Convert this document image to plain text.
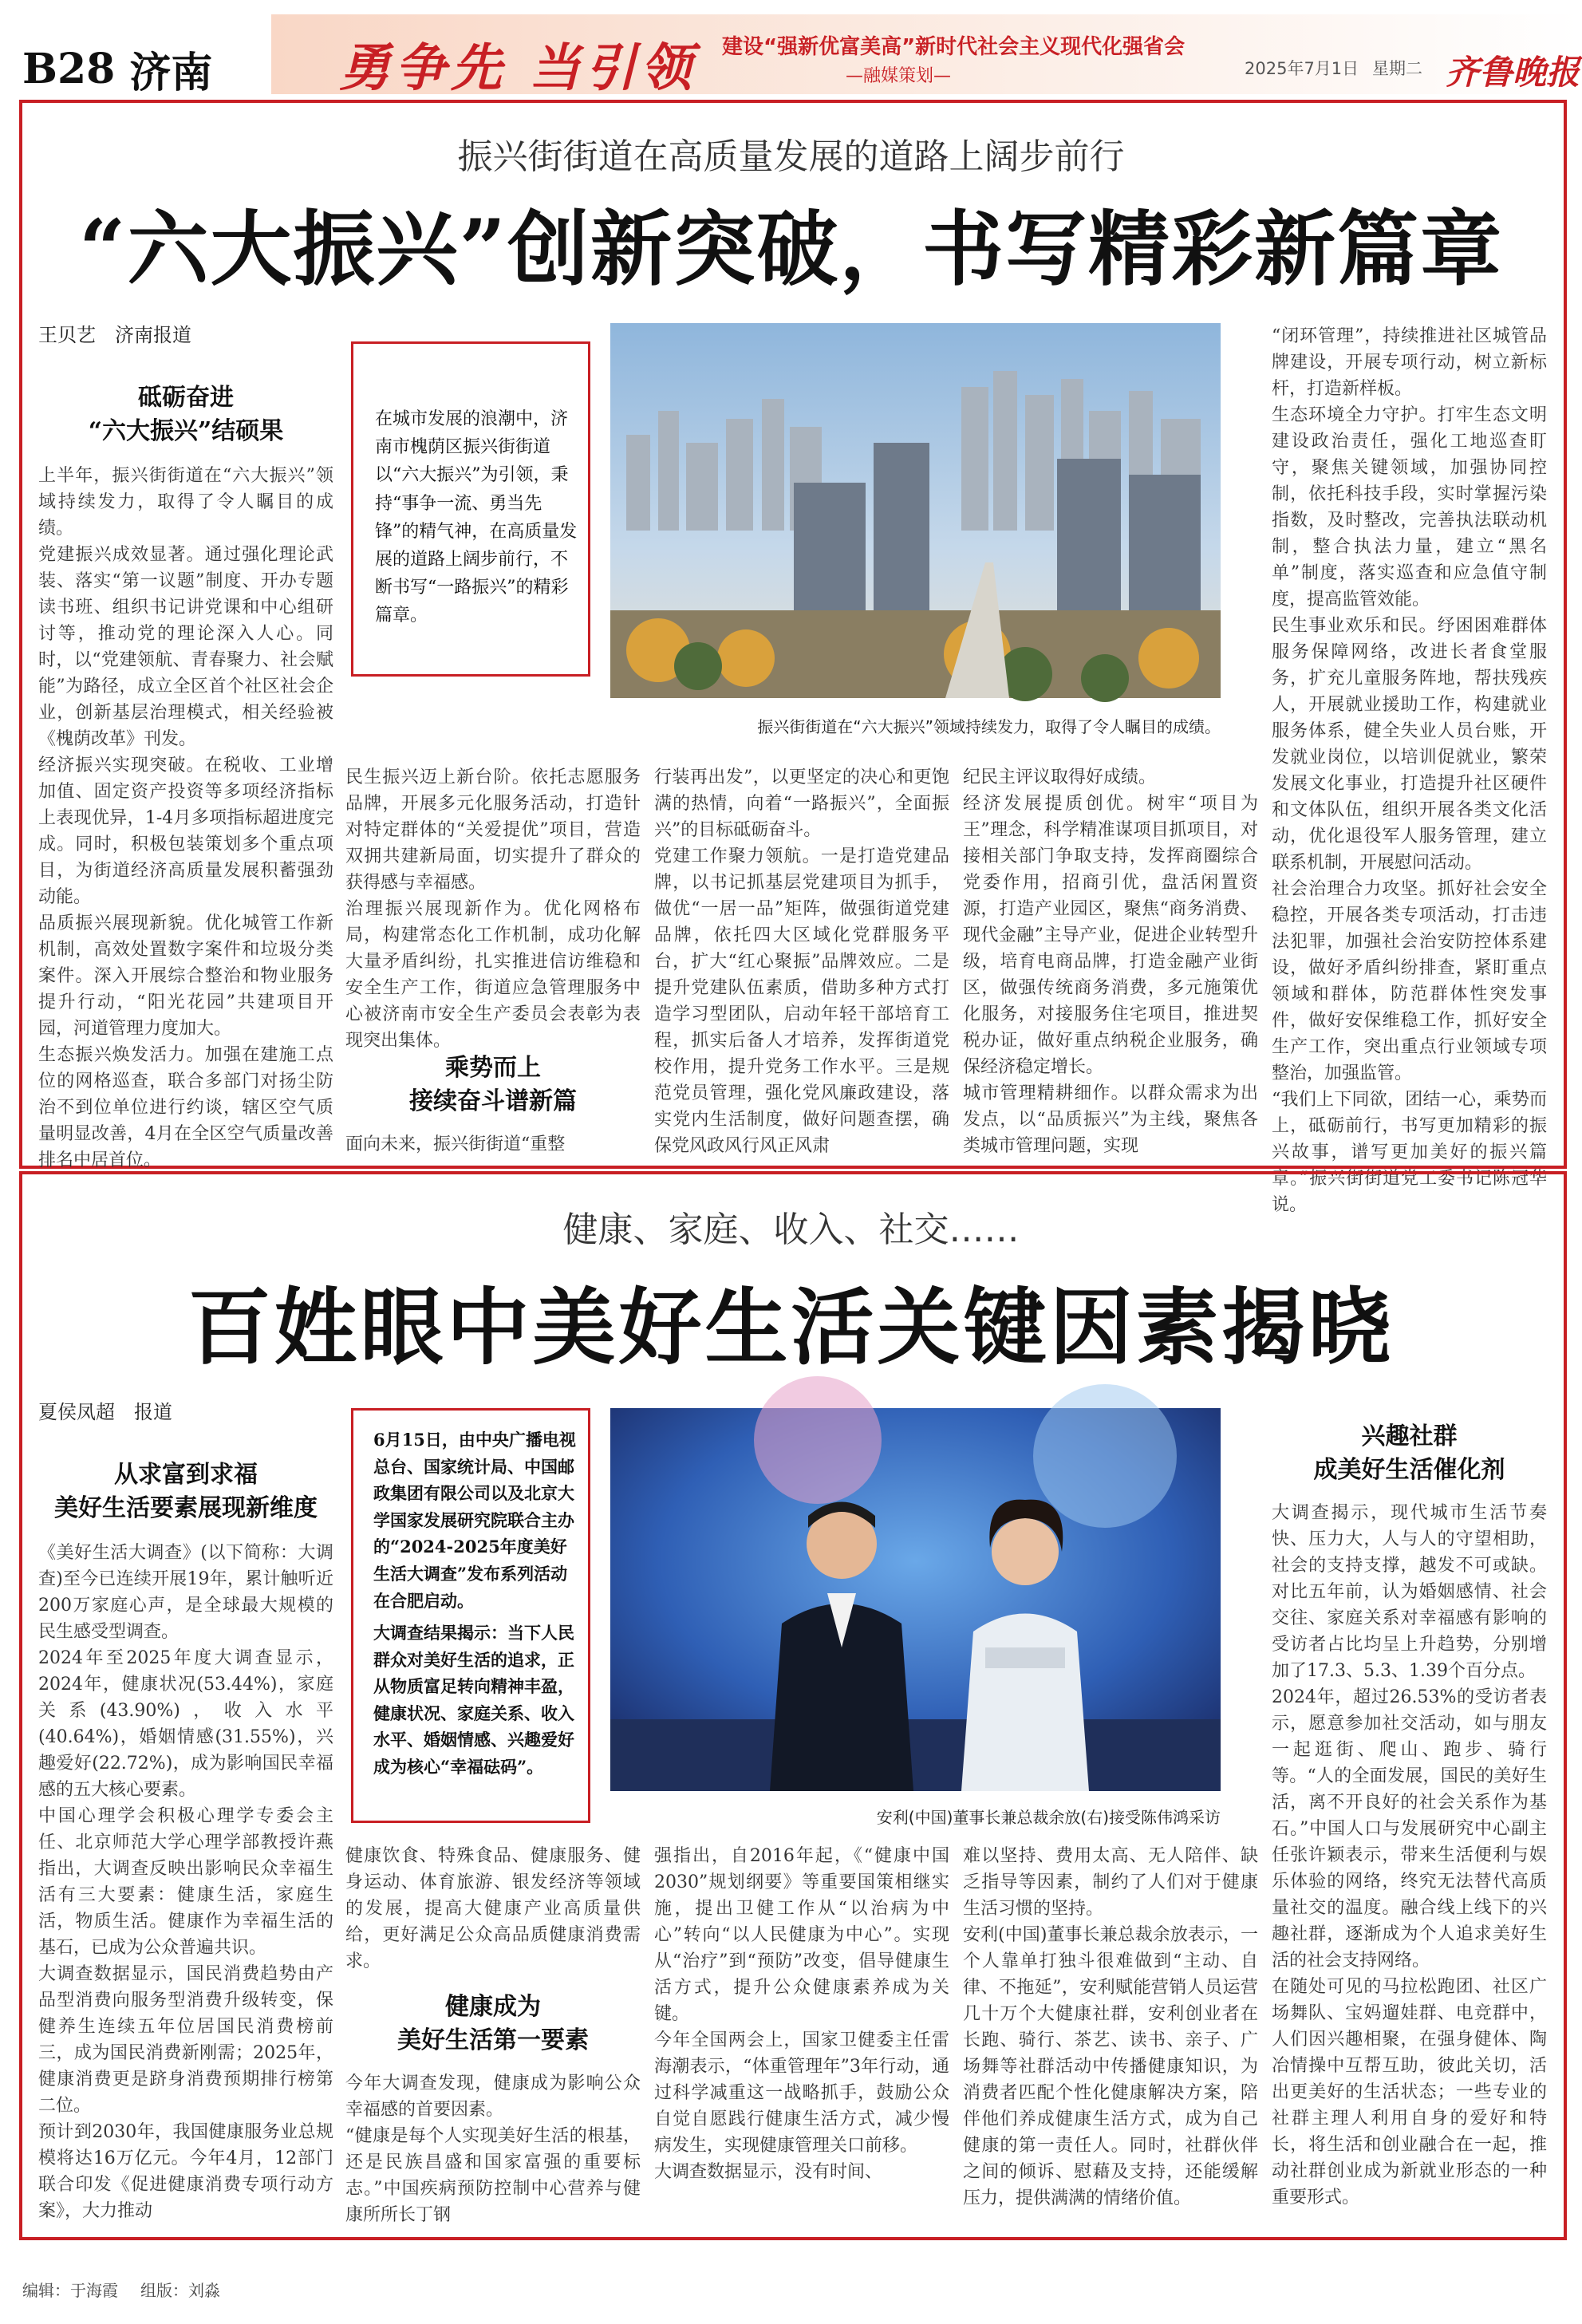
B28 济南 勇争先 当引领 建设“强新优富美高”新时代社会主义现代化强省会
—融媒策划—	2025年7月1日 星期二 齐鲁晚报
振兴街街道在高质量发展的道路上阔步前行
“六大振兴”创新突破，书写精彩新篇章
王贝艺　济南报道
砥砺奋进
“六大振兴”结硕果
上半年，振兴街街道在“六大振兴”领域持续发力，取得了令人瞩目的成绩。
党建振兴成效显著。通过强化理论武装、落实“第一议题”制度、开办专题读书班、组织书记讲党课和中心组研讨等，推动党的理论深入人心。同时，以“党建领航、青春聚力、社会赋能”为路径，成立全区首个社区社会企业，创新基层治理模式，相关经验被《槐荫改革》刊发。
经济振兴实现突破。在税收、工业增加值、固定资产投资等多项经济指标上表现优异，1-4月多项指标超进度完成。同时，积极包装策划多个重点项目，为街道经济高质量发展积蓄强劲动能。
品质振兴展现新貌。优化城管工作新机制，高效处置数字案件和垃圾分类案件。深入开展综合整治和物业服务提升行动，“阳光花园”共建项目开园，河道管理力度加大。
生态振兴焕发活力。加强在建施工点位的网格巡查，联合多部门对扬尘防治不到位单位进行约谈，辖区空气质量明显改善，4月在全区空气质量改善排名中居首位。
在城市发展的浪潮中，济南市槐荫区振兴街街道以“六大振兴”为引领，秉持“事争一流、勇当先锋”的精气神，在高质量发展的道路上阔步前行，不断书写“一路振兴”的精彩篇章。
振兴街街道在“六大振兴”领域持续发力，取得了令人瞩目的成绩。
民生振兴迈上新台阶。依托志愿服务品牌，开展多元化服务活动，打造针对特定群体的“关爱提优”项目，营造双拥共建新局面，切实提升了群众的获得感与幸福感。
治理振兴展现新作为。优化网格布局，构建常态化工作机制，成功化解大量矛盾纠纷，扎实推进信访维稳和安全生产工作，街道应急管理服务中心被济南市安全生产委员会表彰为表现突出集体。
乘势而上
接续奋斗谱新篇
面向未来，振兴街街道“重整
行装再出发”，以更坚定的决心和更饱满的热情，向着“一路振兴”，全面振兴”的目标砥砺奋斗。
党建工作聚力领航。一是打造党建品牌，以书记抓基层党建项目为抓手，做优“一居一品”矩阵，做强街道党建品牌，依托四大区域化党群服务平台，扩大“红心聚振”品牌效应。二是提升党建队伍素质，借助多种方式打造学习型团队，启动年轻干部培育工程，抓实后备人才培养，发挥街道党校作用，提升党务工作水平。三是规范党员管理，强化党风廉政建设，落实党内生活制度，做好问题查摆，确保党风政风行风正风肃
纪民主评议取得好成绩。
经济发展提质创优。树牢“项目为王”理念，科学精准谋项目抓项目，对接相关部门争取支持，发挥商圈综合党委作用，招商引优，盘活闲置资源，打造产业园区，聚焦“商务消费、现代金融”主导产业，促进企业转型升级，培育电商品牌，打造金融产业街区，做强传统商务消费，多元施策优化服务，对接服务住宅项目，推进契税办证，做好重点纳税企业服务，确保经济稳定增长。
城市管理精耕细作。以群众需求为出发点，以“品质振兴”为主线，聚焦各类城市管理问题，实现
“闭环管理”，持续推进社区城管品牌建设，开展专项行动，树立新标杆，打造新样板。
生态环境全力守护。打牢生态文明建设政治责任，强化工地巡查盯守，聚焦关键领域，加强协同控制，依托科技手段，实时掌握污染指数，及时整改，完善执法联动机制，整合执法力量，建立“黑名单”制度，落实巡查和应急值守制度，提高监管效能。
民生事业欢乐和民。纾困困难群体服务保障网络，改进长者食堂服务，扩充儿童服务阵地，帮扶残疾人，开展就业援助工作，构建就业服务体系，健全失业人员台账，开发就业岗位，以培训促就业，繁荣发展文化事业，打造提升社区硬件和文体队伍，组织开展各类文化活动，优化退役军人服务管理，建立联系机制，开展慰问活动。
社会治理合力攻坚。抓好社会安全稳控，开展各类专项活动，打击违法犯罪，加强社会治安防控体系建设，做好矛盾纠纷排查，紧盯重点领域和群体，防范群体性突发事件，做好安保维稳工作，抓好安全生产工作，突出重点行业领域专项整治，加强监管。
“我们上下同欲，团结一心，乘势而上，砥砺前行，书写更加精彩的振兴故事，谱写更加美好的振兴篇章。”振兴街街道党工委书记陈冠华说。
健康、家庭、收入、社交……
百姓眼中美好生活关键因素揭晓
夏侯凤超　报道
从求富到求福
美好生活要素展现新维度
《美好生活大调查》(以下简称：大调查)至今已连续开展19年，累计触听近200万家庭心声，是全球最大规模的民生感受型调查。
2024年至2025年度大调查显示，2024年，健康状况(53.44%)，家庭关系(43.90%)，收入水平(40.64%)，婚姻情感(31.55%)，兴趣爱好(22.72%)，成为影响国民幸福感的五大核心要素。
中国心理学会积极心理学专委会主任、北京师范大学心理学部教授许燕指出，大调查反映出影响民众幸福生活有三大要素：健康生活，家庭生活，物质生活。健康作为幸福生活的基石，已成为公众普遍共识。
大调查数据显示，国民消费趋势由产品型消费向服务型消费升级转变，保健养生连续五年位居国民消费榜前三，成为国民消费新刚需；2025年，健康消费更是跻身消费预期排行榜第二位。
预计到2030年，我国健康服务业总规模将达16万亿元。今年4月，12部门联合印发《促进健康消费专项行动方案》，大力推动
6月15日，由中央广播电视总台、国家统计局、中国邮政集团有限公司以及北京大学国家发展研究院联合主办的“2024-2025年度美好生活大调查”发布系列活动在合肥启动。
大调查结果揭示：当下人民群众对美好生活的追求，正从物质富足转向精神丰盈，健康状况、家庭关系、收入水平、婚姻情感、兴趣爱好成为核心“幸福砝码”。
安利(中国)董事长兼总裁余放(右)接受陈伟鸿采访
健康饮食、特殊食品、健康服务、健身运动、体育旅游、银发经济等领域的发展，提高大健康产业高质量供给，更好满足公众高品质健康消费需求。
健康成为
美好生活第一要素
今年大调查发现，健康成为影响公众幸福感的首要因素。
“健康是每个人实现美好生活的根基，还是民族昌盛和国家富强的重要标志。”中国疾病预防控制中心营养与健康所所长丁钢
强指出，自2016年起，《“健康中国2030”规划纲要》等重要国策相继实施，提出卫健工作从“以治病为中心”转向“以人民健康为中心”。实现从“治疗”到“预防”改变，倡导健康生活方式，提升公众健康素养成为关键。
今年全国两会上，国家卫健委主任雷海潮表示，“体重管理年”3年行动，通过科学减重这一战略抓手，鼓励公众自觉自愿践行健康生活方式，减少慢病发生，实现健康管理关口前移。
大调查数据显示，没有时间、
难以坚持、费用太高、无人陪伴、缺乏指导等因素，制约了人们对于健康生活习惯的坚持。
安利(中国)董事长兼总裁余放表示，一个人靠单打独斗很难做到“主动、自律、不拖延”，安利赋能营销人员运营几十万个大健康社群，安利创业者在长跑、骑行、茶艺、读书、亲子、广场舞等社群活动中传播健康知识，为消费者匹配个性化健康解决方案，陪伴他们养成健康生活方式，成为自己健康的第一责任人。同时，社群伙伴之间的倾诉、慰藉及支持，还能缓解压力，提供满满的情绪价值。
兴趣社群
成美好生活催化剂
大调查揭示，现代城市生活节奏快、压力大，人与人的守望相助，社会的支持支撑，越发不可或缺。对比五年前，认为婚姻感情、社会交往、家庭关系对幸福感有影响的受访者占比均呈上升趋势，分别增加了17.3、5.3、1.39个百分点。
2024年，超过26.53%的受访者表示，愿意参加社交活动，如与朋友一起逛街、爬山、跑步、骑行等。“人的全面发展，国民的美好生活，离不开良好的社会关系作为基石。”中国人口与发展研究中心副主任张许颖表示，带来生活便利与娱乐体验的网络，终究无法替代高质量社交的温度。融合线上线下的兴趣社群，逐渐成为个人追求美好生活的社会支持网络。
在随处可见的马拉松跑团、社区广场舞队、宝妈遛娃群、电竞群中，人们因兴趣相聚，在强身健体、陶冶情操中互帮互助，彼此关切，活出更美好的生活状态；一些专业的社群主理人利用自身的爱好和特长，将生活和创业融合在一起，推动社群创业成为新就业形态的一种重要形式。
编辑：于海霞 组版：刘淼
